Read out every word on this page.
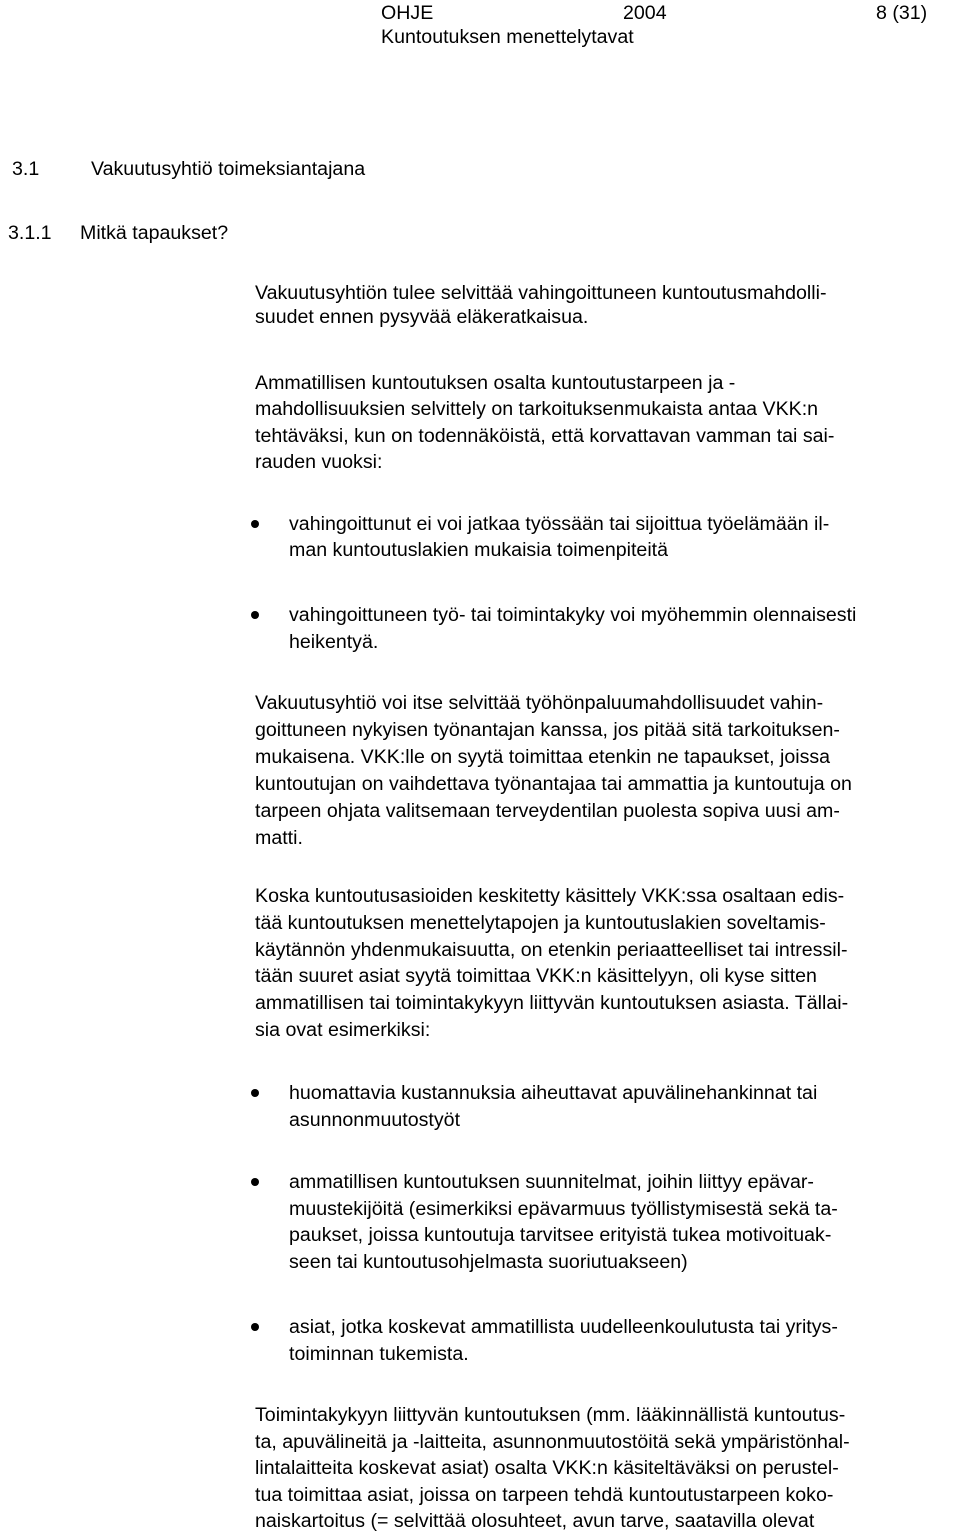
OHJE	2004	8 (31)
Kuntoutuksen menettelytavat
3.1	Vakuutusyhtiö toimeksiantajana
3.1.1 Mitkä tapaukset?
Vakuutusyhtiön tulee selvittää vahingoittuneen kuntoutusmahdolli-
suudet ennen pysyvää eläkeratkaisua.
Ammatillisen kuntoutuksen osalta kuntoutustarpeen ja -
mahdollisuuksien selvittely on tarkoituksenmukaista antaa VKK:n
tehtäväksi, kun on todennäköistä, että korvattavan vamman tai sai-
rauden vuoksi:
vahingoittunut ei voi jatkaa työssään tai sijoittua työelämään il-
man kuntoutuslakien mukaisia toimenpiteitä
vahingoittuneen työ- tai toimintakyky voi myöhemmin olennaisesti
heikentyä.
Vakuutusyhtiö voi itse selvittää työhönpaluumahdollisuudet vahin-
goittuneen nykyisen työnantajan kanssa, jos pitää sitä tarkoituksen-
mukaisena. VKK:lle on syytä toimittaa etenkin ne tapaukset, joissa
kuntoutujan on vaihdettava työnantajaa tai ammattia ja kuntoutuja on
tarpeen ohjata valitsemaan terveydentilan puolesta sopiva uusi am-
matti.
Koska kuntoutusasioiden keskitetty käsittely VKK:ssa osaltaan edis-
tää kuntoutuksen menettelytapojen ja kuntoutuslakien soveltamis-
käytännön yhdenmukaisuutta, on etenkin periaatteelliset tai intressil-
tään suuret asiat syytä toimittaa VKK:n käsittelyyn, oli kyse sitten
ammatillisen tai toimintakykyyn liittyvän kuntoutuksen asiasta. Tällai-
sia ovat esimerkiksi:
huomattavia kustannuksia aiheuttavat apuvälinehankinnat tai
asunnonmuutostyöt
ammatillisen kuntoutuksen suunnitelmat, joihin liittyy epävar-
muustekijöitä (esimerkiksi epävarmuus työllistymisestä sekä ta-
paukset, joissa kuntoutuja tarvitsee erityistä tukea motivoituak-
seen tai kuntoutusohjelmasta suoriutuakseen)
asiat, jotka koskevat ammatillista uudelleenkoulutusta tai yritys-
toiminnan tukemista.
Toimintakykyyn liittyvän kuntoutuksen (mm. lääkinnällistä kuntoutus-
ta, apuvälineitä ja -laitteita, asunnonmuutostöitä sekä ympäristönhal-
lintalaitteita koskevat asiat) osalta VKK:n käsiteltäväksi on perustel-
tua toimittaa asiat, joissa on tarpeen tehdä kuntoutustarpeen koko-
naiskartoitus (= selvittää olosuhteet, avun tarve, saatavilla olevat
